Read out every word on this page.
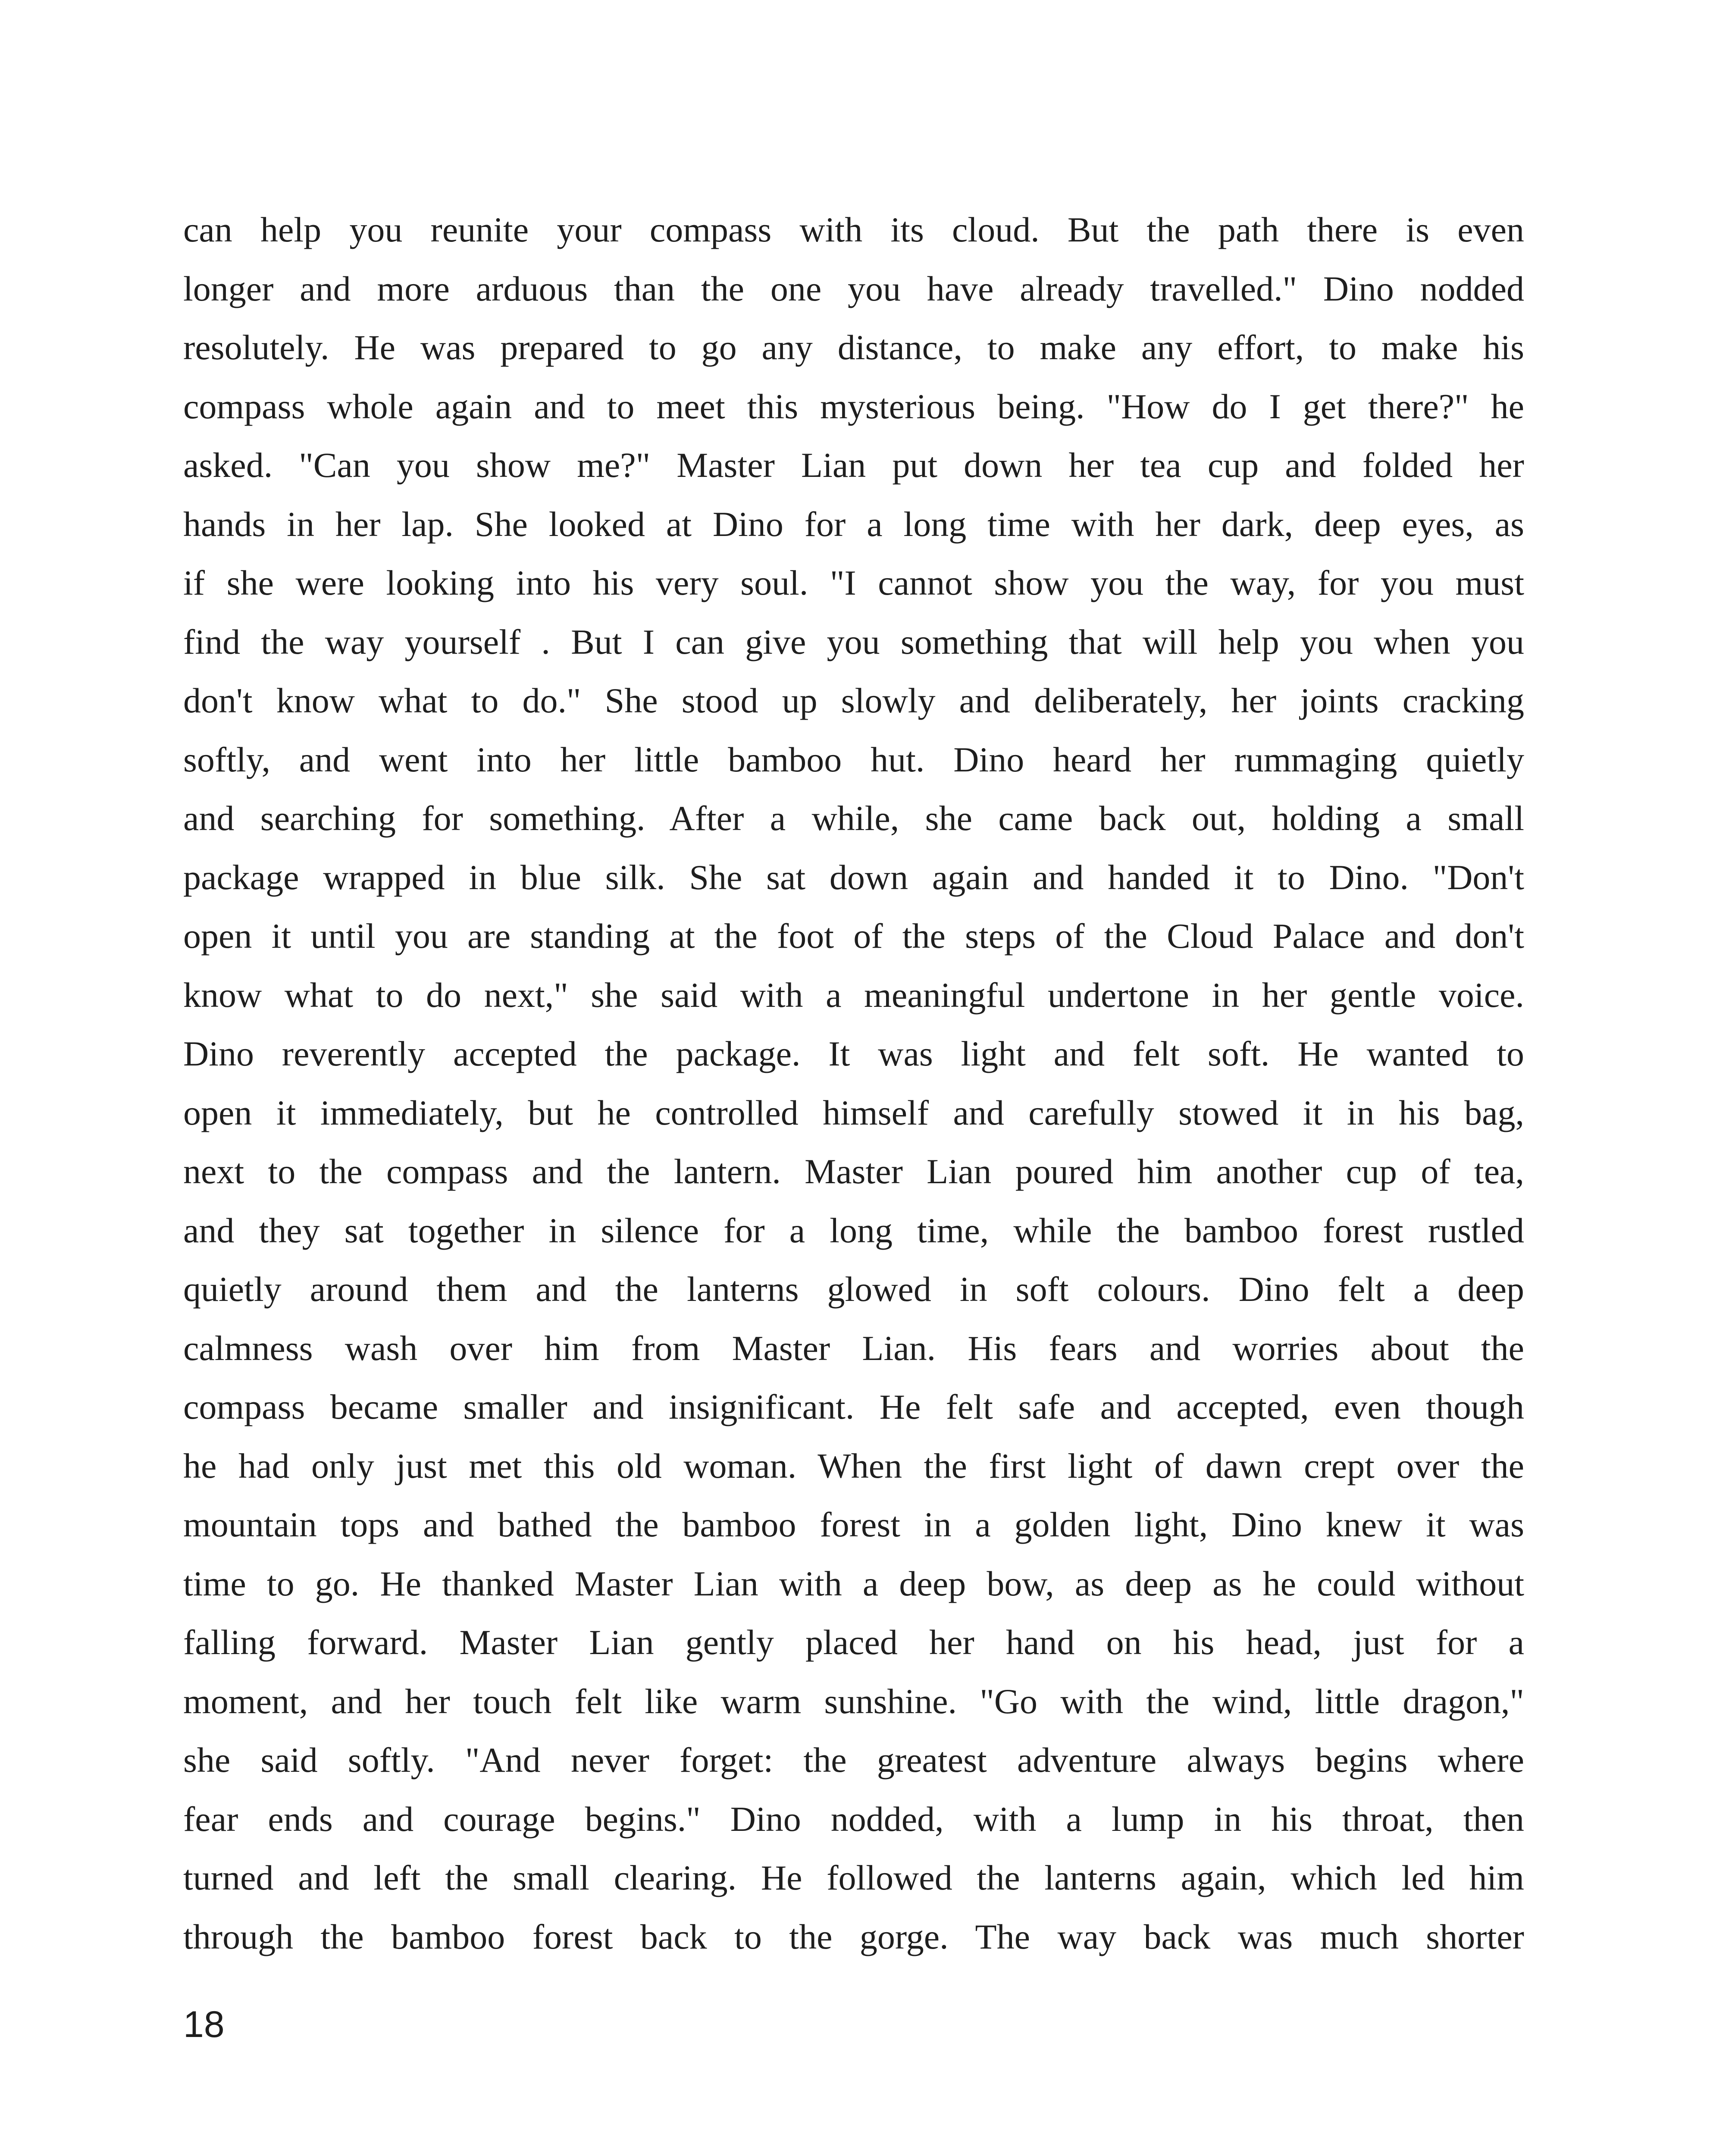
can help you reunite your compass with its cloud. But the path there is even
longer and more arduous than the one you have already travelled." Dino nodded
resolutely. He was prepared to go any distance, to make any effort, to make his
compass whole again and to meet this mysterious being. "How do I get there?" he
asked. "Can you show me?" Master Lian put down her tea cup and folded her
hands in her lap. She looked at Dino for a long time with her dark, deep eyes, as
if she were looking into his very soul. "I cannot show you the way, for you must
find the way yourself . But I can give you something that will help you when you
don't know what to do." She stood up slowly and deliberately, her joints cracking
softly, and went into her little bamboo hut. Dino heard her rummaging quietly
and searching for something. After a while, she came back out, holding a small
package wrapped in blue silk. She sat down again and handed it to Dino. "Don't
open it until you are standing at the foot of the steps of the Cloud Palace and don't
know what to do next," she said with a meaningful undertone in her gentle voice.
Dino reverently accepted the package. It was light and felt soft. He wanted to
open it immediately, but he controlled himself and carefully stowed it in his bag,
next to the compass and the lantern. Master Lian poured him another cup of tea,
and they sat together in silence for a long time, while the bamboo forest rustled
quietly around them and the lanterns glowed in soft colours. Dino felt a deep
calmness wash over him from Master Lian. His fears and worries about the
compass became smaller and insignificant. He felt safe and accepted, even though
he had only just met this old woman. When the first light of dawn crept over the
mountain tops and bathed the bamboo forest in a golden light, Dino knew it was
time to go. He thanked Master Lian with a deep bow, as deep as he could without
falling forward. Master Lian gently placed her hand on his head, just for a
moment, and her touch felt like warm sunshine. "Go with the wind, little dragon,"
she said softly. "And never forget: the greatest adventure always begins where
fear ends and courage begins." Dino nodded, with a lump in his throat, then
turned and left the small clearing. He followed the lanterns again, which led him
through the bamboo forest back to the gorge. The way back was much shorter
18
